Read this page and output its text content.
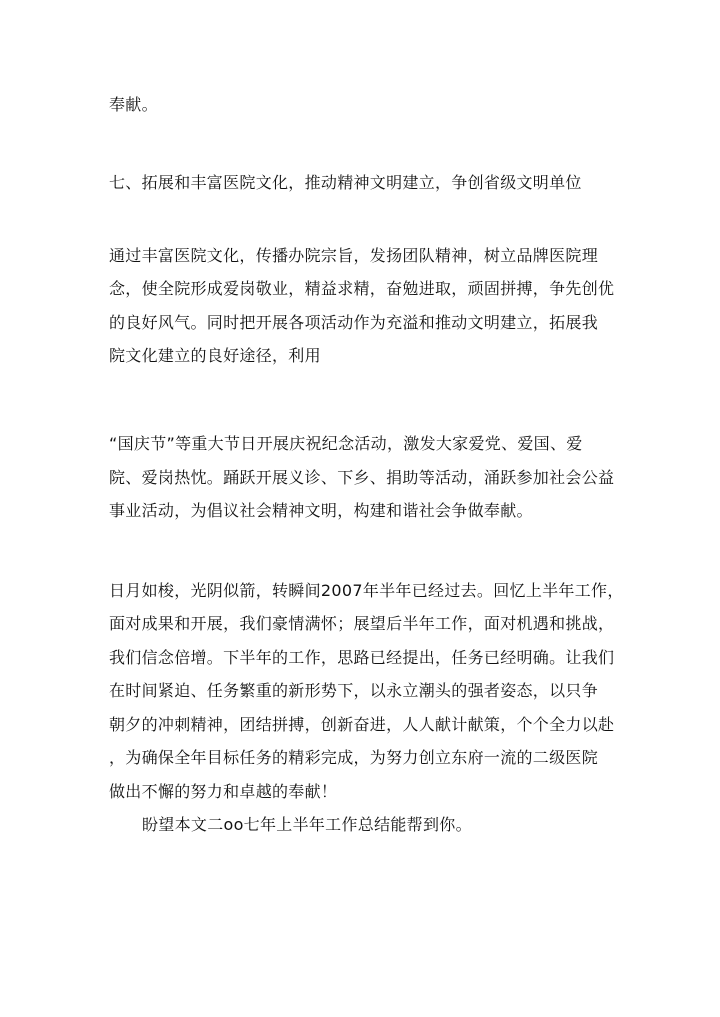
奉献。
七、拓展和丰富医院文化，推动精神文明建立，争创省级文明单位
通过丰富医院文化，传播办院宗旨，发扬团队精神，树立品牌医院理
念，使全院形成爱岗敬业，精益求精，奋勉进取，顽固拼搏，争先创优
的良好风气。同时把开展各项活动作为充溢和推动文明建立，拓展我
院文化建立的良好途径，利用
“国庆节”等重大节日开展庆祝纪念活动，激发大家爱党、爱国、爱
院、爱岗热忱。踊跃开展义诊、下乡、捐助等活动，涌跃参加社会公益
事业活动，为倡议社会精神文明，构建和谐社会争做奉献。
日月如梭，光阴似箭，转瞬间2007年半年已经过去。回忆上半年工作，
面对成果和开展，我们豪情满怀；展望后半年工作，面对机遇和挑战，
我们信念倍增。下半年的工作，思路已经提出，任务已经明确。让我们
在时间紧迫、任务繁重的新形势下，以永立潮头的强者姿态，以只争
朝夕的冲刺精神，团结拼搏，创新奋进，人人献计献策，个个全力以赴
，为确保全年目标任务的精彩完成，为努力创立东府一流的二级医院
做出不懈的努力和卓越的奉献！
盼望本文二oo七年上半年工作总结能帮到你。
